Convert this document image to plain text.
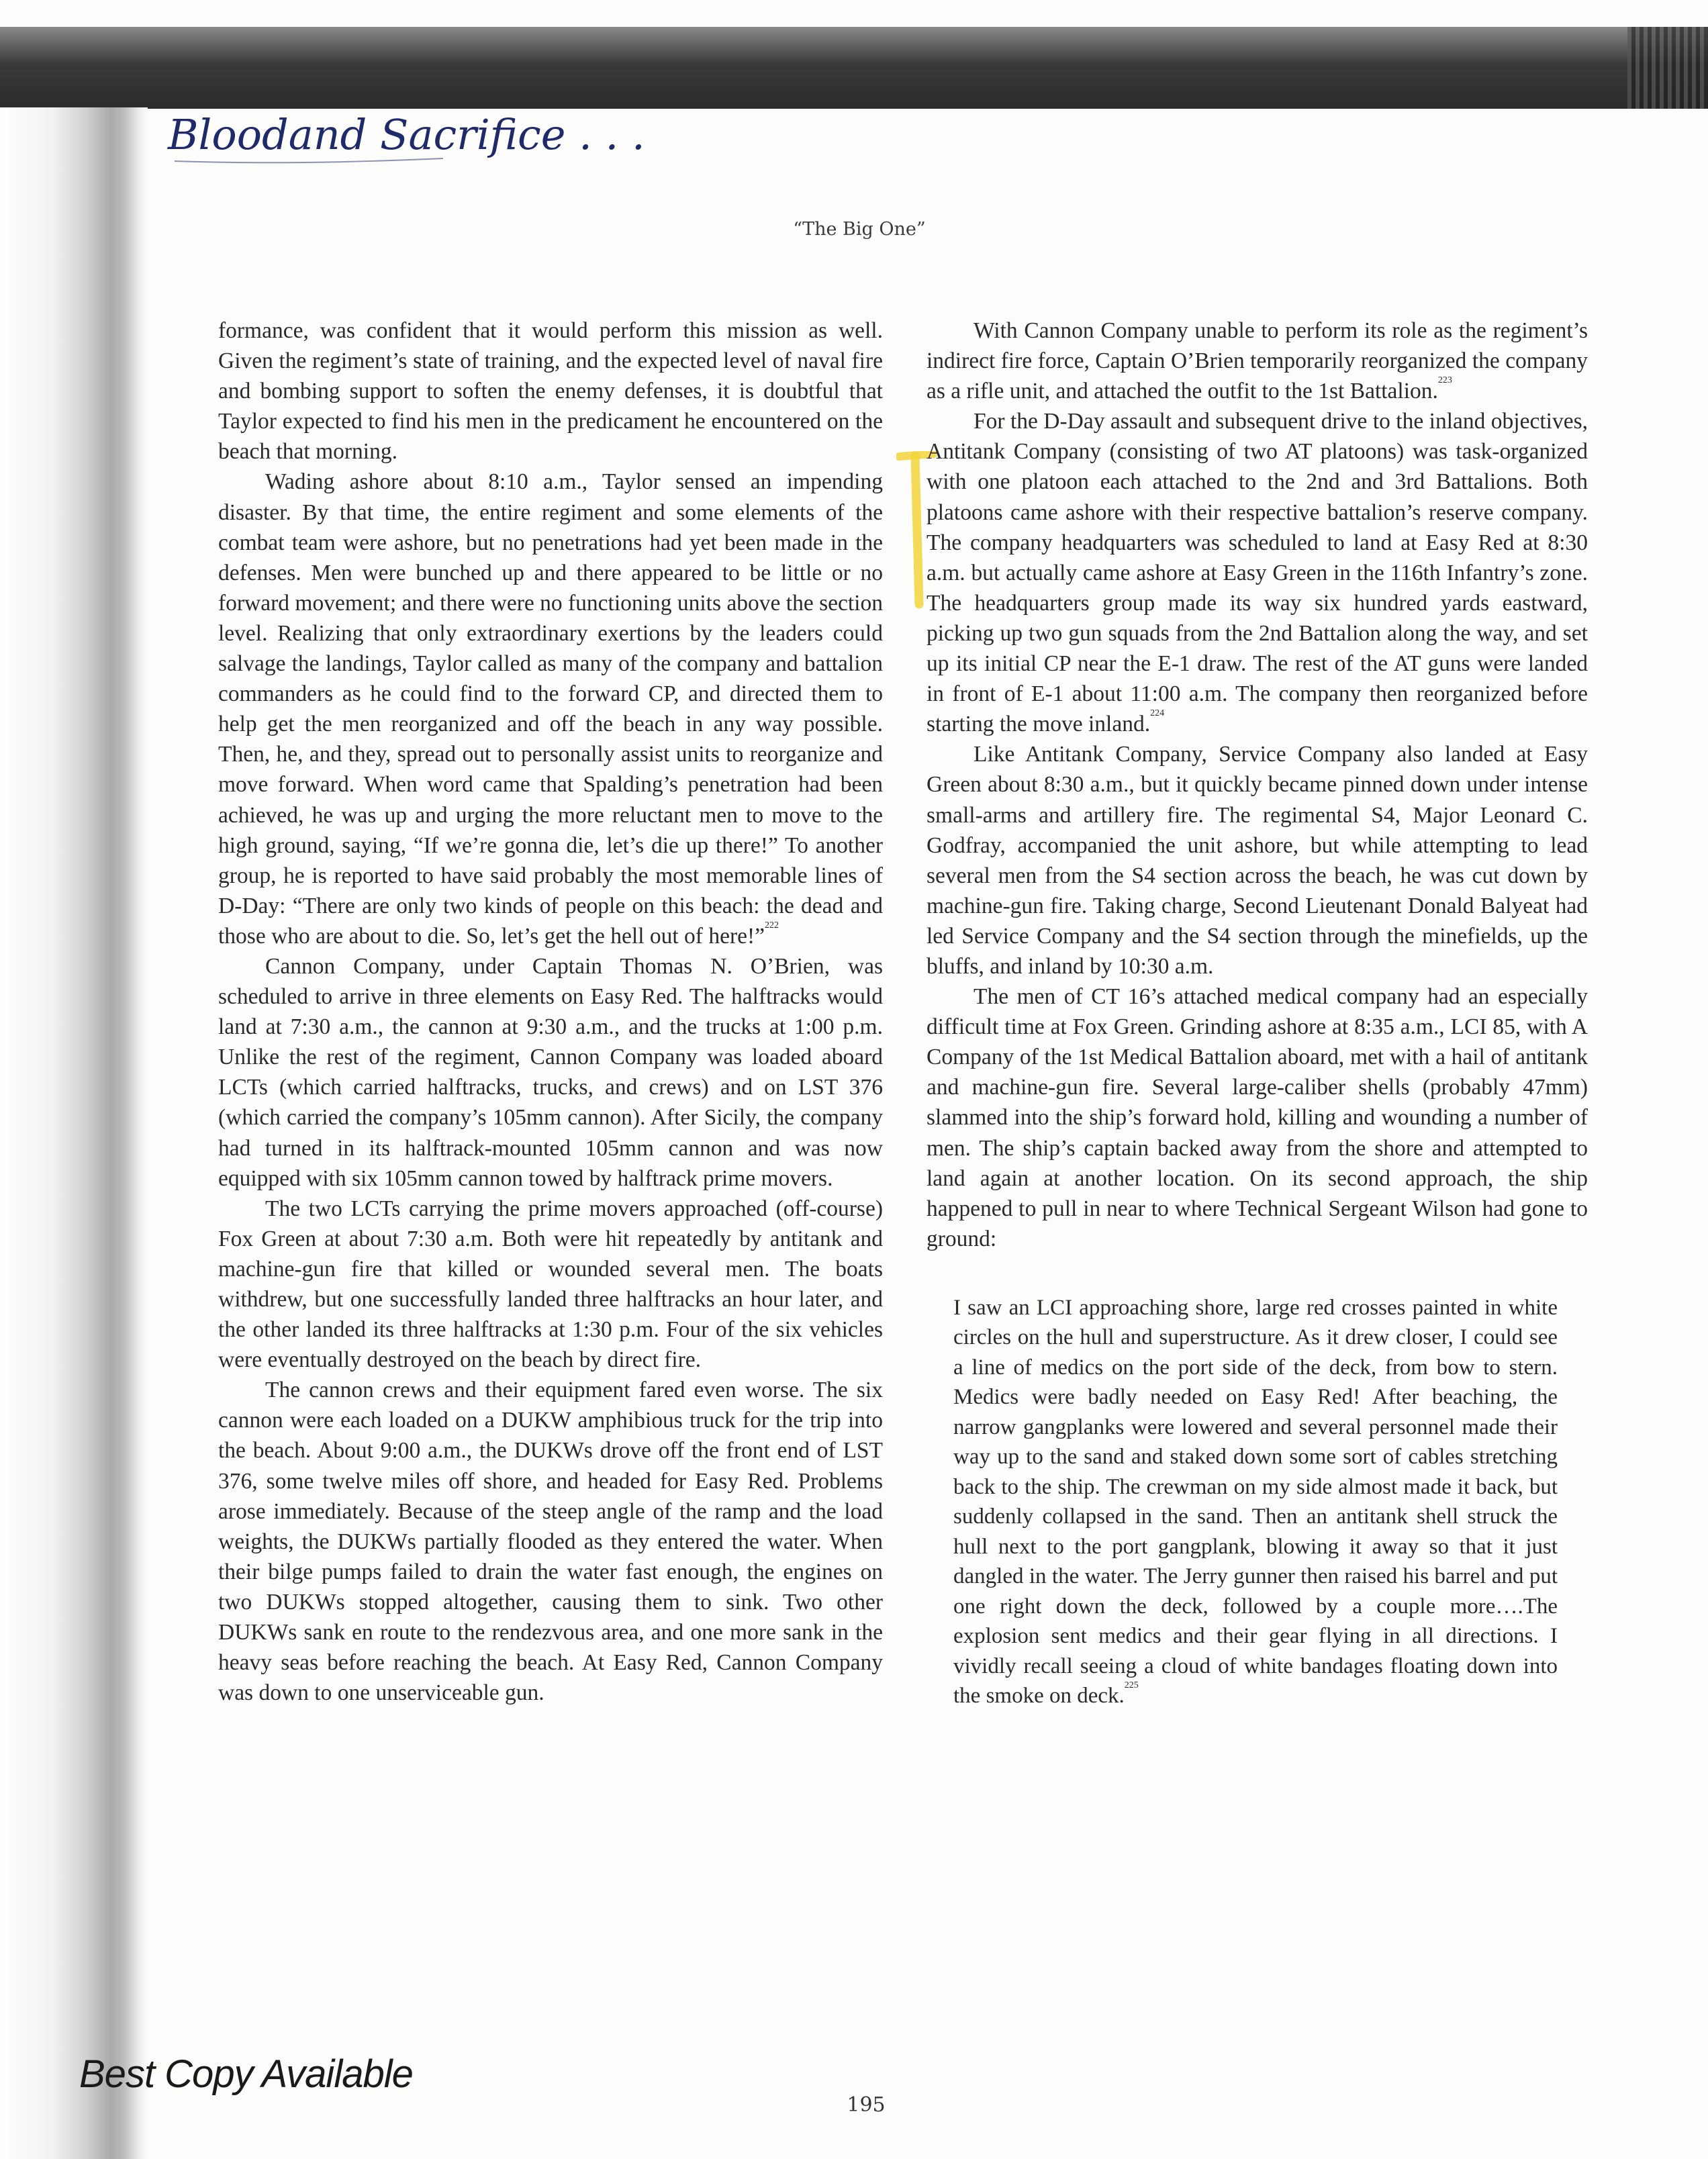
Bloodand Sacrifice . . .
“The Big One”

formance, was confident that it would perform this mission as well. Given the regiment’s state of training, and the expected level of naval fire and bombing support to soften the enemy defenses, it is doubtful that Taylor expected to find his men in the predicament he encountered on the beach that morning.

Wading ashore about 8:10 a.m., Taylor sensed an impending disaster. By that time, the entire regiment and some elements of the combat team were ashore, but no penetrations had yet been made in the defenses. Men were bunched up and there appeared to be little or no forward movement; and there were no functioning units above the section level. Realizing that only extraordinary exertions by the leaders could salvage the landings, Taylor called as many of the company and battalion commanders as he could find to the forward CP, and directed them to help get the men reorganized and off the beach in any way possible. Then, he, and they, spread out to personally assist units to reorganize and move forward. When word came that Spalding’s penetration had been achieved, he was up and urging the more reluctant men to move to the high ground, saying, “If we’re gonna die, let’s die up there!” To another group, he is reported to have said probably the most memorable lines of D-Day: “There are only two kinds of people on this beach: the dead and those who are about to die. So, let’s get the hell out of here!”$^{222}$

Cannon Company, under Captain Thomas N. O’Brien, was scheduled to arrive in three elements on Easy Red. The halftracks would land at 7:30 a.m., the cannon at 9:30 a.m., and the trucks at 1:00 p.m. Unlike the rest of the regiment, Cannon Company was loaded aboard LCTs (which carried halftracks, trucks, and crews) and on LST 376 (which carried the company’s 105mm cannon). After Sicily, the company had turned in its halftrack-mounted 105mm cannon and was now equipped with six 105mm cannon towed by halftrack prime movers.

The two LCTs carrying the prime movers approached (off-course) Fox Green at about 7:30 a.m. Both were hit repeatedly by antitank and machine-gun fire that killed or wounded several men. The boats withdrew, but one successfully landed three halftracks an hour later, and the other landed its three halftracks at 1:30 p.m. Four of the six vehicles were eventually destroyed on the beach by direct fire.

The cannon crews and their equipment fared even worse. The six cannon were each loaded on a DUKW amphibious truck for the trip into the beach. About 9:00 a.m., the DUKWs drove off the front end of LST 376, some twelve miles off shore, and headed for Easy Red. Problems arose immediately. Because of the steep angle of the ramp and the load weights, the DUKWs partially flooded as they entered the water. When their bilge pumps failed to drain the water fast enough, the engines on two DUKWs stopped altogether, causing them to sink. Two other DUKWs sank en route to the rendezvous area, and one more sank in the heavy seas before reaching the beach. At Easy Red, Cannon Company was down to one unserviceable gun.

With Cannon Company unable to perform its role as the regiment’s indirect fire force, Captain O’Brien temporarily reorganized the company as a rifle unit, and attached the outfit to the 1st Battalion.$^{223}$

For the D-Day assault and subsequent drive to the inland objectives, Antitank Company (consisting of two AT platoons) was task-organized with one platoon each attached to the 2nd and 3rd Battalions. Both platoons came ashore with their respective battalion’s reserve company. The company headquarters was scheduled to land at Easy Red at 8:30 a.m. but actually came ashore at Easy Green in the 116th Infantry’s zone. The headquarters group made its way six hundred yards eastward, picking up two gun squads from the 2nd Battalion along the way, and set up its initial CP near the E-1 draw. The rest of the AT guns were landed in front of E-1 about 11:00 a.m. The company then reorganized before starting the move inland.$^{224}$

Like Antitank Company, Service Company also landed at Easy Green about 8:30 a.m., but it quickly became pinned down under intense small-arms and artillery fire. The regimental S4, Major Leonard C. Godfray, accompanied the unit ashore, but while attempting to lead several men from the S4 section across the beach, he was cut down by machine-gun fire. Taking charge, Second Lieutenant Donald Balyeat had led Service Company and the S4 section through the minefields, up the bluffs, and inland by 10:30 a.m.

The men of CT 16’s attached medical company had an especially difficult time at Fox Green. Grinding ashore at 8:35 a.m., LCI 85, with A Company of the 1st Medical Battalion aboard, met with a hail of antitank and machine-gun fire. Several large-caliber shells (probably 47mm) slammed into the ship’s forward hold, killing and wounding a number of men. The ship’s captain backed away from the shore and attempted to land again at another location. On its second approach, the ship happened to pull in near to where Technical Sergeant Wilson had gone to ground:

I saw an LCI approaching shore, large red crosses painted in white circles on the hull and superstructure. As it drew closer, I could see a line of medics on the port side of the deck, from bow to stern. Medics were badly needed on Easy Red! After beaching, the narrow gangplanks were lowered and several personnel made their way up to the sand and staked down some sort of cables stretching back to the ship. The crewman on my side almost made it back, but suddenly collapsed in the sand. Then an antitank shell struck the hull next to the port gangplank, blowing it away so that it just dangled in the water. The Jerry gunner then raised his barrel and put one right down the deck, followed by a couple more….The explosion sent medics and their gear flying in all directions. I vividly recall seeing a cloud of white bandages floating down into the smoke on deck.$^{225}$

Best Copy Available
195
